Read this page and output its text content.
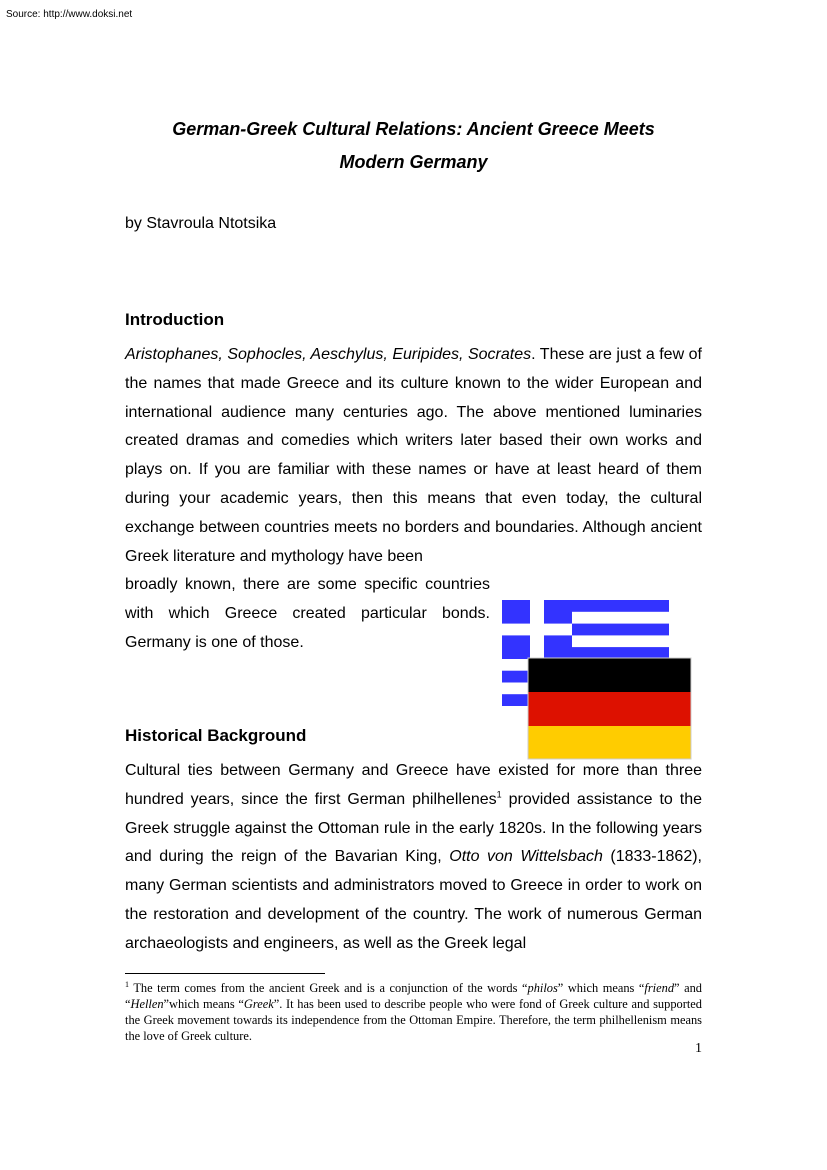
Source: http://www.doksi.net
German-Greek Cultural Relations: Ancient Greece Meets
Modern Germany
by Stavroula Ntotsika
Introduction

Aristophanes, Sophocles, Aeschylus, Euripides, Socrates. These are just a few of the names that made Greece and its culture known to the wider European and international audience many centuries ago. The above mentioned luminaries created dramas and comedies which writers later based their own works and plays on. If you are familiar with these names or have at least heard of them during your academic years, then this means that even today, the cultural exchange between countries meets no borders and boundaries. Although ancient Greek literature and mythology have been

broadly known, there are some specific countries with which Greece created particular bonds. Germany is one of those.

Historical Background

Cultural ties between Germany and Greece have existed for more than three hundred years, since the first German philhellenes$^1$ provided assistance to the Greek struggle against the Ottoman rule in the early 1820s. In the following years and during the reign of the Bavarian King, Otto von Wittelsbach (1833-1862), many German scientists and administrators moved to Greece in order to work on the restoration and development of the country. The work of numerous German archaeologists and engineers, as well as the Greek legal

$^1$ The term comes from the ancient Greek and is a conjunction of the words “philos” which means “friend” and “Hellen”which means “Greek”. It has been used to describe people who were fond of Greek culture and supported the Greek movement towards its independence from the Ottoman Empire. Therefore, the term philhellenism means the love of Greek culture.

1
